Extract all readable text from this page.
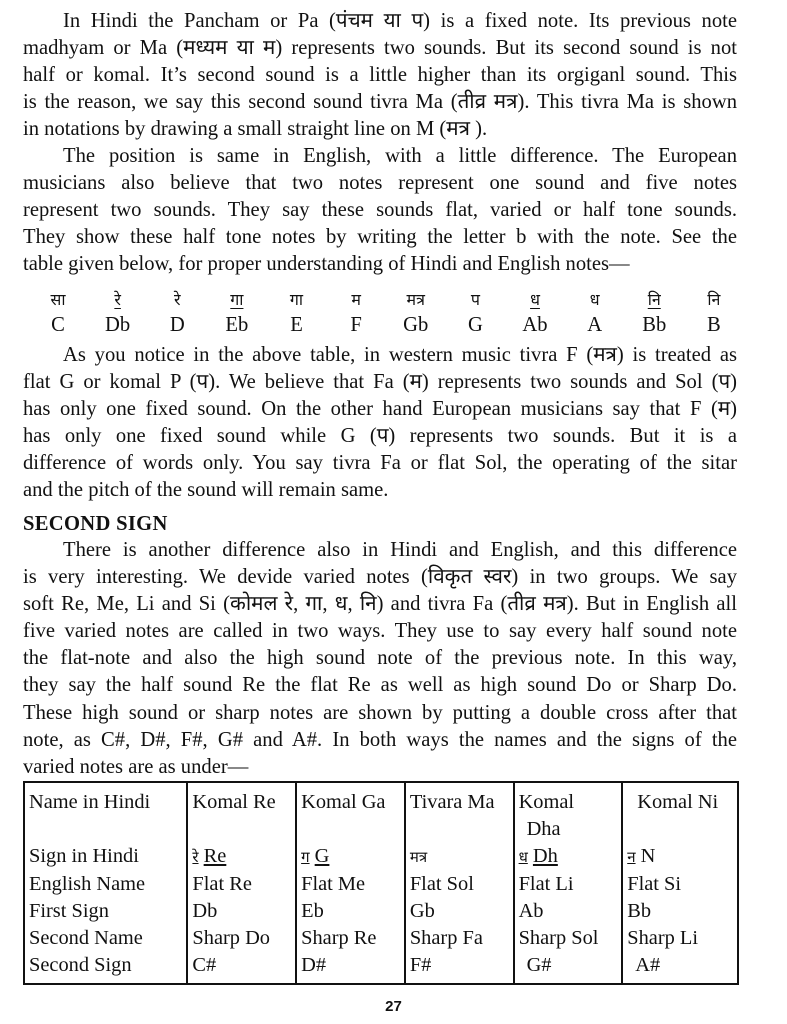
In Hindi the Pancham or Pa (पंचम या प) is a fixed note. Its previous note
madhyam or Ma (मध्यम या म) represents two sounds. But its second sound is not
half or komal. It’s second sound is a little higher than its orgiganl sound. This
is the reason, we say this second sound tivra Ma (तीव्र मत्र). This tivra Ma is shown
in notations by drawing a small straight line on M (मत्र ).
The position is same in English, with a little difference. The European
musicians also believe that two notes represent one sound and five notes
represent two sounds. They say these sounds flat, varied or half tone sounds.
They show these half tone notes by writing the letter b with the note. See the
table given below, for proper understanding of Hindi and English notes—
सा	रे	रे	गा	गा	म	मत्र	प	ध	ध	नि	नि
C	Db	D	Eb	E	F	Gb	G	Ab	A	Bb	B
As you notice in the above table, in western music tivra F (मत्र) is treated as
flat G or komal P (प). We believe that Fa (म) represents two sounds and Sol (प)
has only one fixed sound. On the other hand European musicians say that F (म)
has only one fixed sound while G (प) represents two sounds. But it is a
difference of words only. You say tivra Fa or flat Sol, the operating of the sitar
and the pitch of the sound will remain same.
SECOND SIGN
There is another difference also in Hindi and English, and this difference
is very interesting. We devide varied notes (विकृत स्वर) in two groups. We say
soft Re, Me, Li and Si (कोमल रे, गा, ध, नि) and tivra Fa (तीव्र मत्र). But in English all
five varied notes are called in two ways. They use to say every half sound note
the flat-note and also the high sound note of the previous note. In this way,
they say the half sound Re the flat Re as well as high sound Do or Sharp Do.
These high sound or sharp notes are shown by putting a double cross after that
note, as C#, D#, F#, G# and A#. In both ways the names and the signs of the
varied notes are as under—
Name in Hindi	Komal Re	Komal Ga	Tivara Ma	Komal	Komal Ni
				Dha	
Sign in Hindi	रे Re	ग G	मत्र	ध Dh	न N
English Name	Flat Re	Flat Me	Flat Sol	Flat Li	Flat Si
First Sign	Db	Eb	Gb	Ab	Bb
Second Name	Sharp Do	Sharp Re	Sharp Fa	Sharp Sol	Sharp Li
Second Sign	C#	D#	F#	G#	A#
27
